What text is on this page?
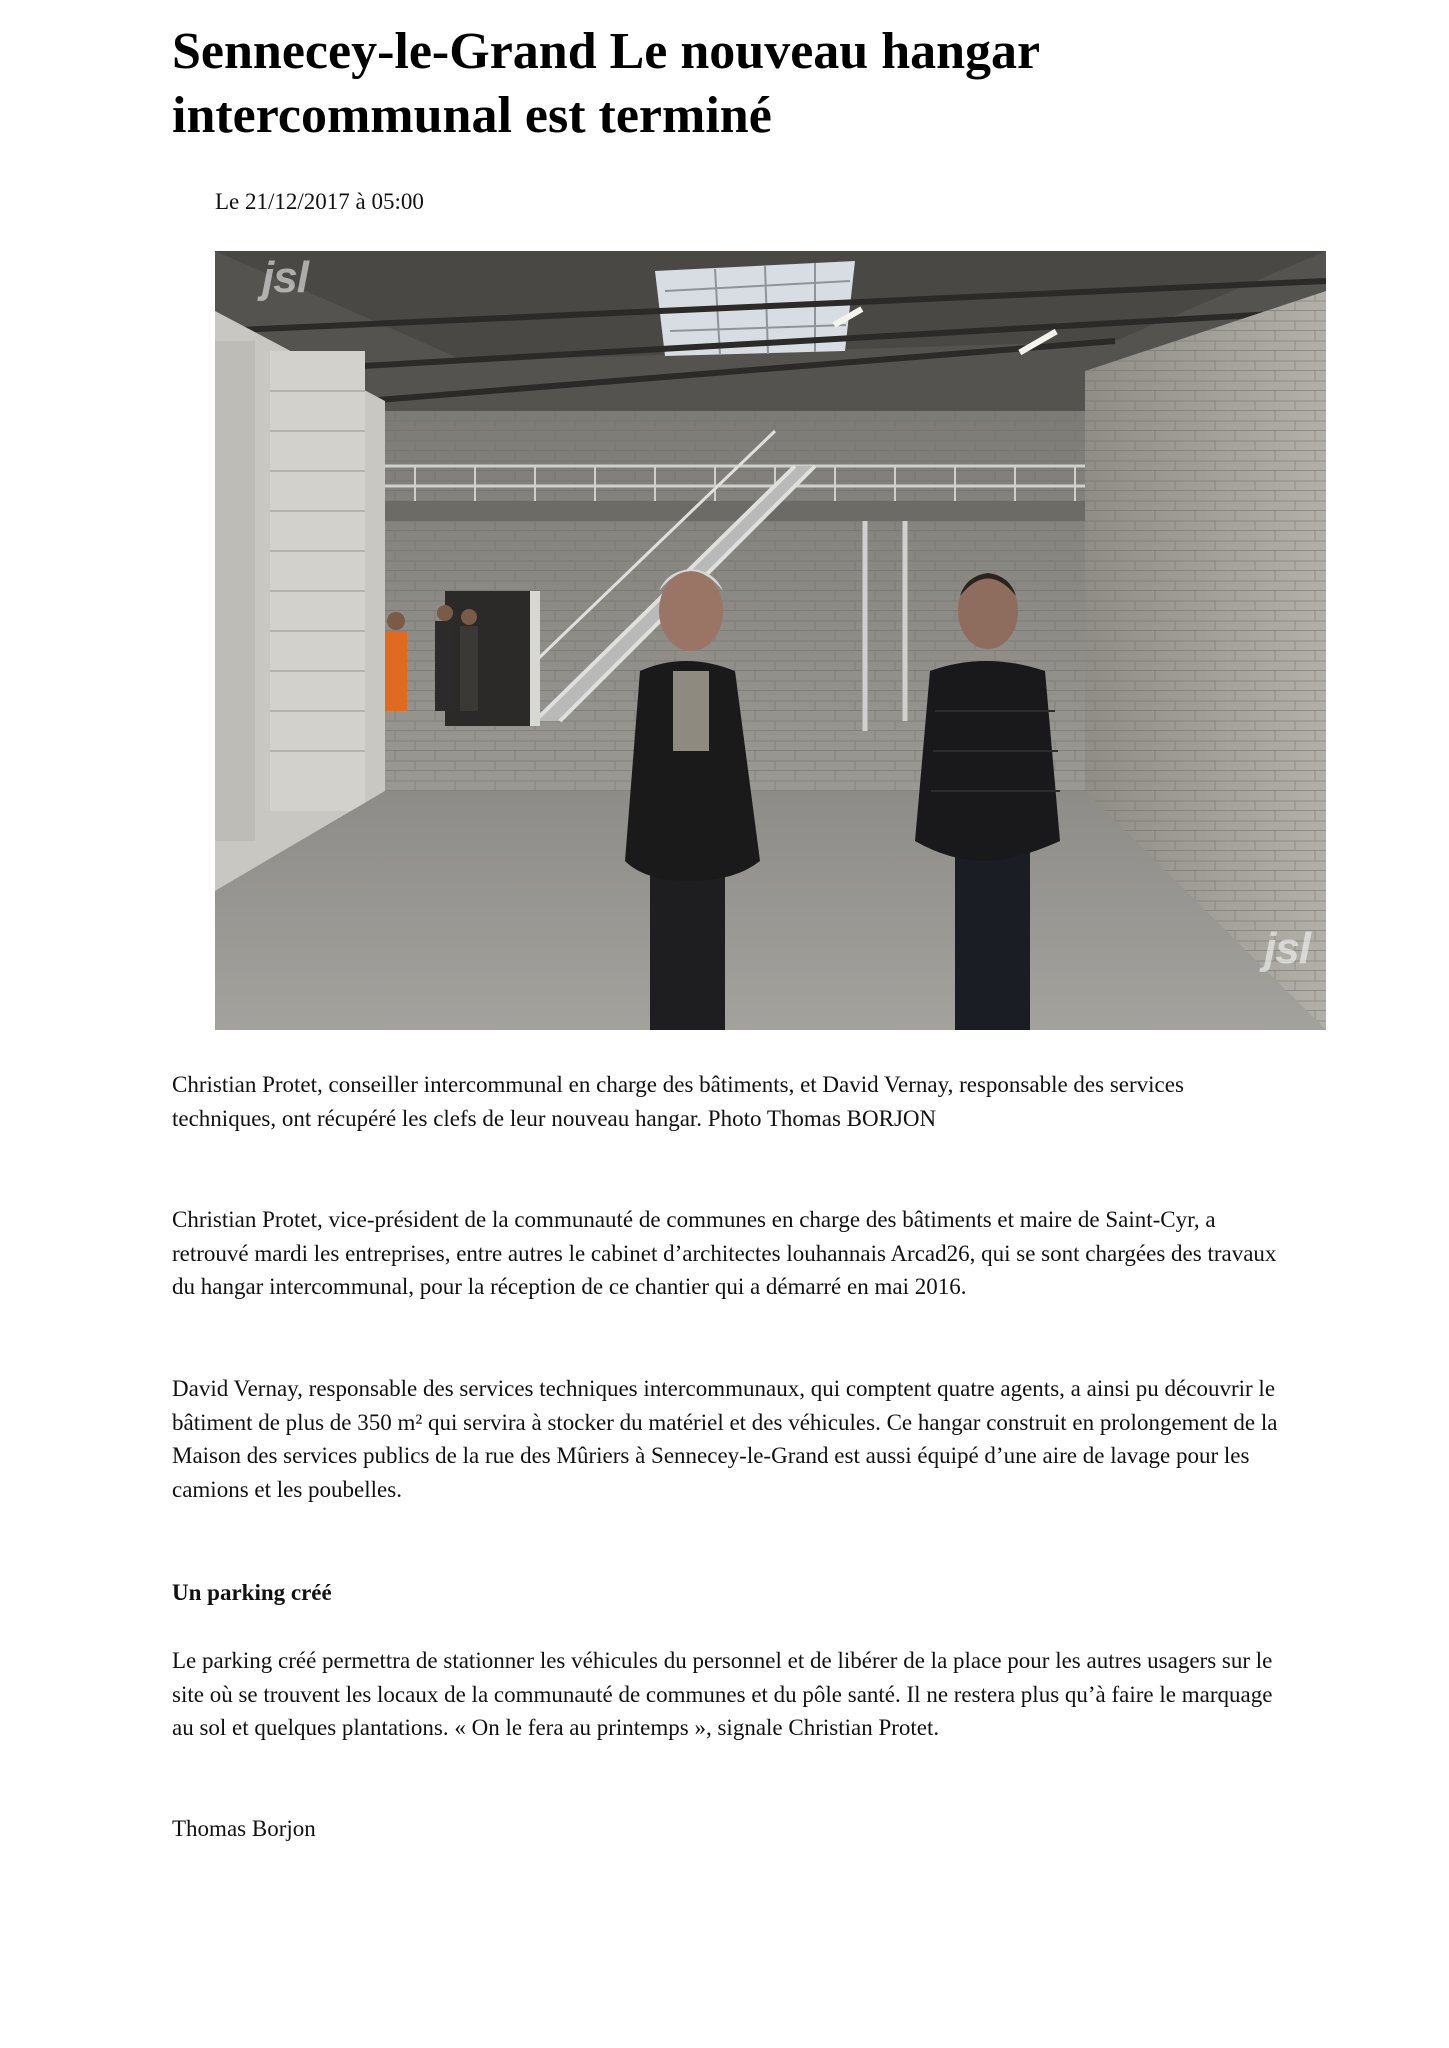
Sennecey-le-Grand Le nouveau hangar intercommunal est terminé
Le 21/12/2017 à 05:00
jsl
jsl

Christian Protet, conseiller intercommunal en charge des bâtiments, et David Vernay, responsable des services techniques, ont récupéré les clefs de leur nouveau hangar. Photo Thomas BORJON

Christian Protet, vice-président de la communauté de communes en charge des bâtiments et maire de Saint-Cyr, a retrouvé mardi les entreprises, entre autres le cabinet d’architectes louhannais Arcad26, qui se sont chargées des travaux du hangar intercommunal, pour la réception de ce chantier qui a démarré en mai 2016.

David Vernay, responsable des services techniques intercommunaux, qui comptent quatre agents, a ainsi pu découvrir le bâtiment de plus de 350 m² qui servira à stocker du matériel et des véhicules. Ce hangar construit en prolongement de la Maison des services publics de la rue des Mûriers à Sennecey-le-Grand est aussi équipé d’une aire de lavage pour les camions et les poubelles.

Un parking créé

Le parking créé permettra de stationner les véhicules du personnel et de libérer de la place pour les autres usagers sur le site où se trouvent les locaux de la communauté de communes et du pôle santé. Il ne restera plus qu’à faire le marquage au sol et quelques plantations. « On le fera au printemps », signale Christian Protet.

Thomas Borjon
